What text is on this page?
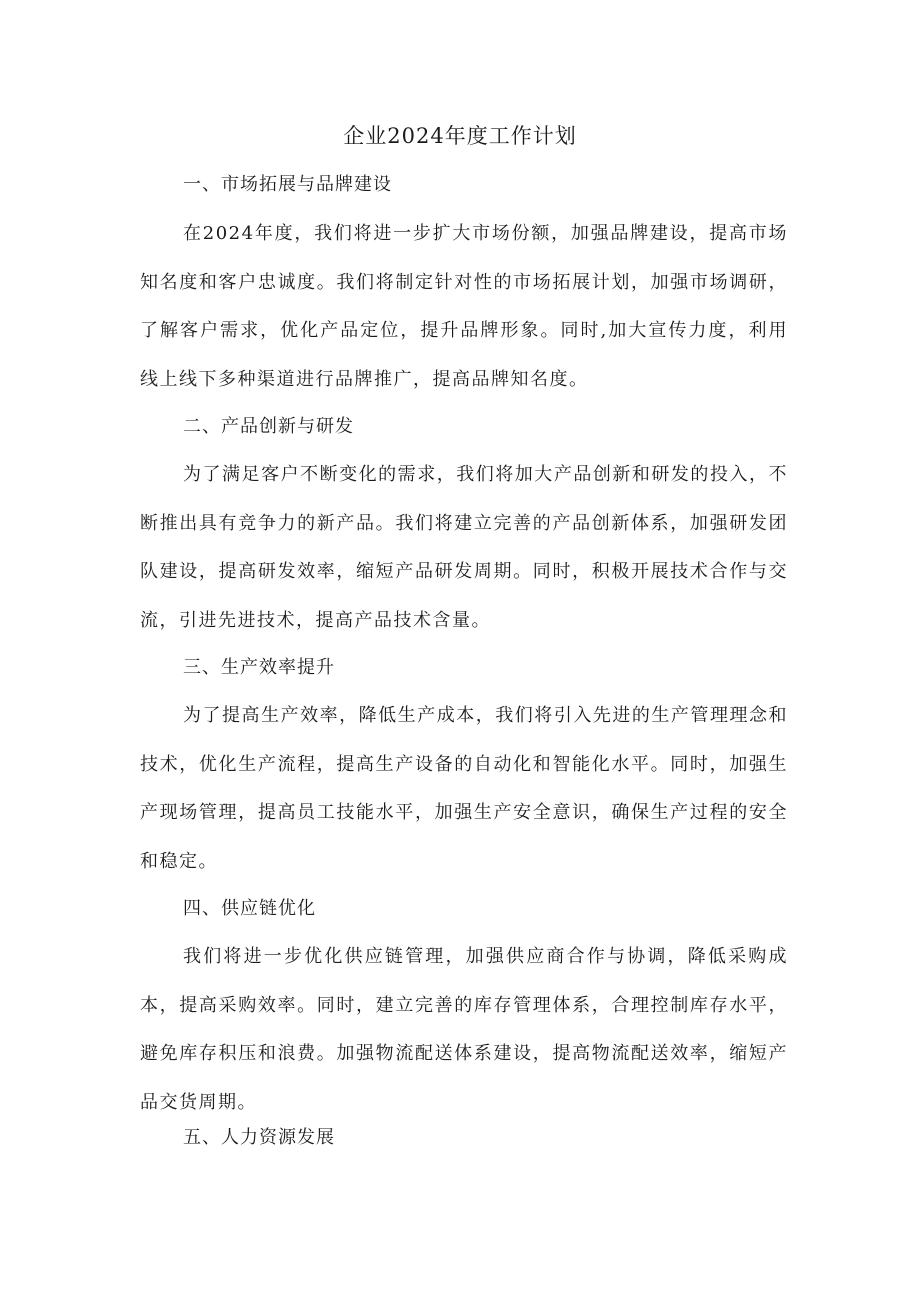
企业2024年度工作计划
一、市场拓展与品牌建设

在2024年度，我们将进一步扩大市场份额，加强品牌建设，提高市场知名度和客户忠诚度。我们将制定针对性的市场拓展计划，加强市场调研，了解客户需求，优化产品定位，提升品牌形象。同时,加大宣传力度，利用线上线下多种渠道进行品牌推广，提高品牌知名度。

二、产品创新与研发

为了满足客户不断变化的需求，我们将加大产品创新和研发的投入，不断推出具有竞争力的新产品。我们将建立完善的产品创新体系，加强研发团队建设，提高研发效率，缩短产品研发周期。同时，积极开展技术合作与交流，引进先进技术，提高产品技术含量。

三、生产效率提升

为了提高生产效率，降低生产成本，我们将引入先进的生产管理理念和技术，优化生产流程，提高生产设备的自动化和智能化水平。同时，加强生产现场管理，提高员工技能水平，加强生产安全意识，确保生产过程的安全和稳定。

四、供应链优化

我们将进一步优化供应链管理，加强供应商合作与协调，降低采购成本，提高采购效率。同时，建立完善的库存管理体系，合理控制库存水平，避免库存积压和浪费。加强物流配送体系建设，提高物流配送效率，缩短产品交货周期。

五、人力资源发展
